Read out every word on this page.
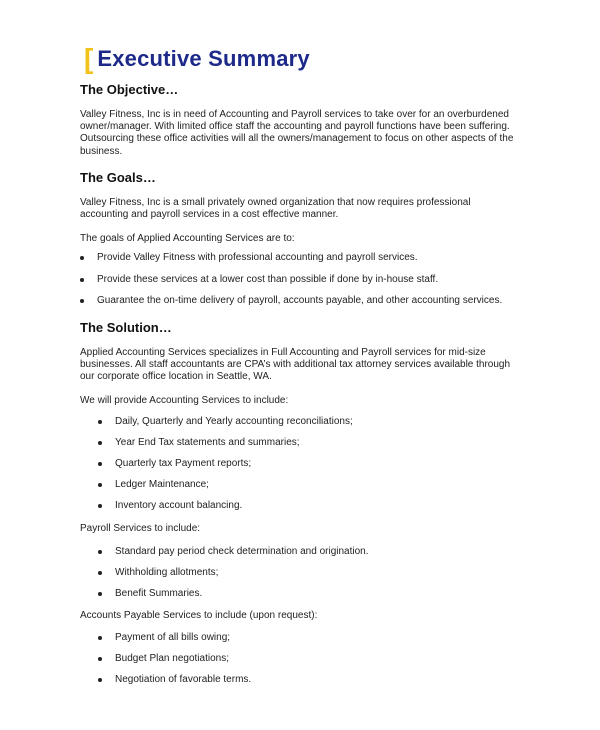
[ Executive Summary
The Objective…
Valley Fitness, Inc is in need of Accounting and Payroll services to take over for an overburdened
owner/manager. With limited office staff the accounting and payroll functions have been suffering.
Outsourcing these office activities will all the owners/management to focus on other aspects of the
business.
The Goals…
Valley Fitness, Inc is a small privately owned organization that now requires professional
accounting and payroll services in a cost effective manner.
The goals of Applied Accounting Services are to:
Provide Valley Fitness with professional accounting and payroll services.
Provide these services at a lower cost than possible if done by in-house staff.
Guarantee the on-time delivery of payroll, accounts payable, and other accounting services.
The Solution…
Applied Accounting Services specializes in Full Accounting and Payroll services for mid-size
businesses. All staff accountants are CPA’s with additional tax attorney services available through
our corporate office location in Seattle, WA.
We will provide Accounting Services to include:
Daily, Quarterly and Yearly accounting reconciliations;
Year End Tax statements and summaries;
Quarterly tax Payment reports;
Ledger Maintenance;
Inventory account balancing.
Payroll Services to include:
Standard pay period check determination and origination.
Withholding allotments;
Benefit Summaries.
Accounts Payable Services to include (upon request):
Payment of all bills owing;
Budget Plan negotiations;
Negotiation of favorable terms.
